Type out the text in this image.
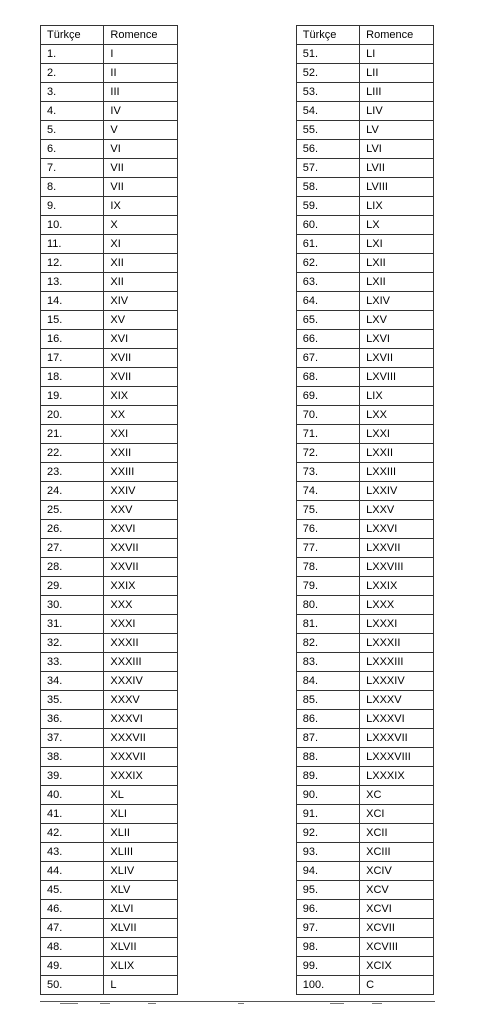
Türkçe	Romence		Türkçe	Romence
1.	I		51.	LI
2.	II		52.	LII
3.	III		53.	LIII
4.	IV		54.	LIV
5.	V		55.	LV
6.	VI		56.	LVI
7.	VII		57.	LVII
8.	VII		58.	LVIII
9.	IX		59.	LIX
10.	X		60.	LX
11.	XI		61.	LXI
12.	XII		62.	LXII
13.	XII		63.	LXII
14.	XIV		64.	LXIV
15.	XV		65.	LXV
16.	XVI		66.	LXVI
17.	XVII		67.	LXVII
18.	XVII		68.	LXVIII
19.	XIX		69.	LIX
20.	XX		70.	LXX
21.	XXI		71.	LXXI
22.	XXII		72.	LXXII
23.	XXIII		73.	LXXIII
24.	XXIV		74.	LXXIV
25.	XXV		75.	LXXV
26.	XXVI		76.	LXXVI
27.	XXVII		77.	LXXVII
28.	XXVII		78.	LXXVIII
29.	XXIX		79.	LXXIX
30.	XXX		80.	LXXX
31.	XXXI		81.	LXXXI
32.	XXXII		82.	LXXXII
33.	XXXIII		83.	LXXXIII
34.	XXXIV		84.	LXXXIV
35.	XXXV		85.	LXXXV
36.	XXXVI		86.	LXXXVI
37.	XXXVII		87.	LXXXVII
38.	XXXVII		88.	LXXXVIII
39.	XXXIX		89.	LXXXIX
40.	XL		90.	XC
41.	XLI		91.	XCI
42.	XLII		92.	XCII
43.	XLIII		93.	XCIII
44.	XLIV		94.	XCIV
45.	XLV		95.	XCV
46.	XLVI		96.	XCVI
47.	XLVII		97.	XCVII
48.	XLVII		98.	XCVIII
49.	XLIX		99.	XCIX
50.	L		100.	C
